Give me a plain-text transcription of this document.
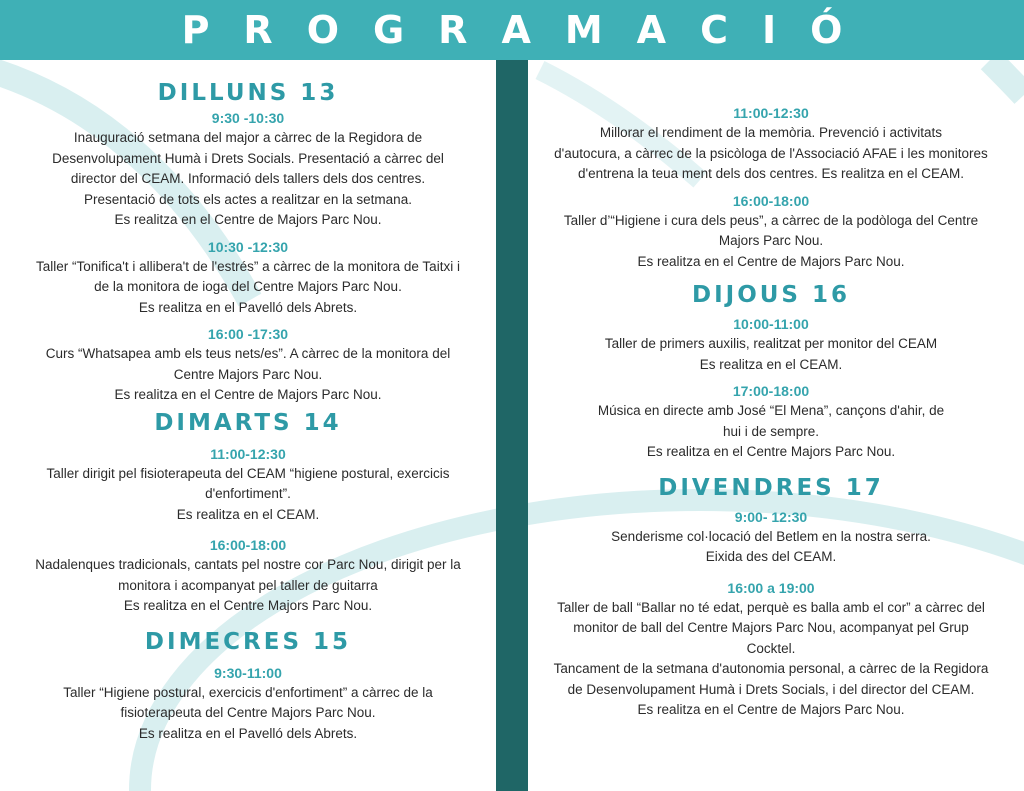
PROGRAMACIÓ
DILLUNS 13

9:30 -10:30

Inauguració setmana del major a càrrec de la Regidora de
Desenvolupament Humà i Drets Socials. Presentació a càrrec del
director del CEAM. Informació dels tallers dels dos centres.
Presentació de tots els actes a realitzar en la setmana.
Es realitza en el Centre de Majors Parc Nou.

10:30 -12:30

Taller “Tonifica't i allibera't de l'estrés” a càrrec de la monitora de Taitxi i
de la monitora de ioga del Centre Majors Parc Nou.
Es realitza en el Pavelló dels Abrets.

16:00 -17:30

Curs “Whatsapea amb els teus nets/es”. A càrrec de la monitora del
Centre Majors Parc Nou.
Es realitza en el Centre de Majors Parc Nou.
DIMARTS 14

11:00-12:30

Taller dirigit pel fisioterapeuta del CEAM “higiene postural, exercicis
d'enfortiment”.
Es realitza en el CEAM.

16:00-18:00

Nadalenques tradicionals, cantats pel nostre cor Parc Nou, dirigit per la
monitora i acompanyat pel taller de guitarra
Es realitza en el Centre Majors Parc Nou.
DIMECRES 15

9:30-11:00

Taller “Higiene postural, exercicis d'enfortiment” a càrrec de la
fisioterapeuta del Centre Majors Parc Nou.
Es realitza en el Pavelló dels Abrets.

11:00-12:30

Millorar el rendiment de la memòria. Prevenció i activitats
d'autocura, a càrrec de la psicòloga de l'Associació AFAE i les monitores
d'entrena la teua ment dels dos centres. Es realitza en el CEAM.

16:00-18:00

Taller d’“Higiene i cura dels peus”, a càrrec de la podòloga del Centre
Majors Parc Nou.
Es realitza en el Centre de Majors Parc Nou.
DIJOUS 16

10:00-11:00

Taller de primers auxilis, realitzat per monitor del CEAM
Es realitza en el CEAM.

17:00-18:00

Música en directe amb José “El Mena”, cançons d'ahir, de
hui i de sempre.
Es realitza en el Centre Majors Parc Nou.
DIVENDRES 17

9:00- 12:30

Senderisme col·locació del Betlem en la nostra serra.
Eixida des del CEAM.

16:00 a 19:00

Taller de ball “Ballar no té edat, perquè es balla amb el cor” a càrrec del
monitor de ball del Centre Majors Parc Nou, acompanyat pel Grup
Cocktel.
Tancament de la setmana d'autonomia personal, a càrrec de la Regidora
de Desenvolupament Humà i Drets Socials, i del director del CEAM.
Es realitza en el Centre de Majors Parc Nou.
